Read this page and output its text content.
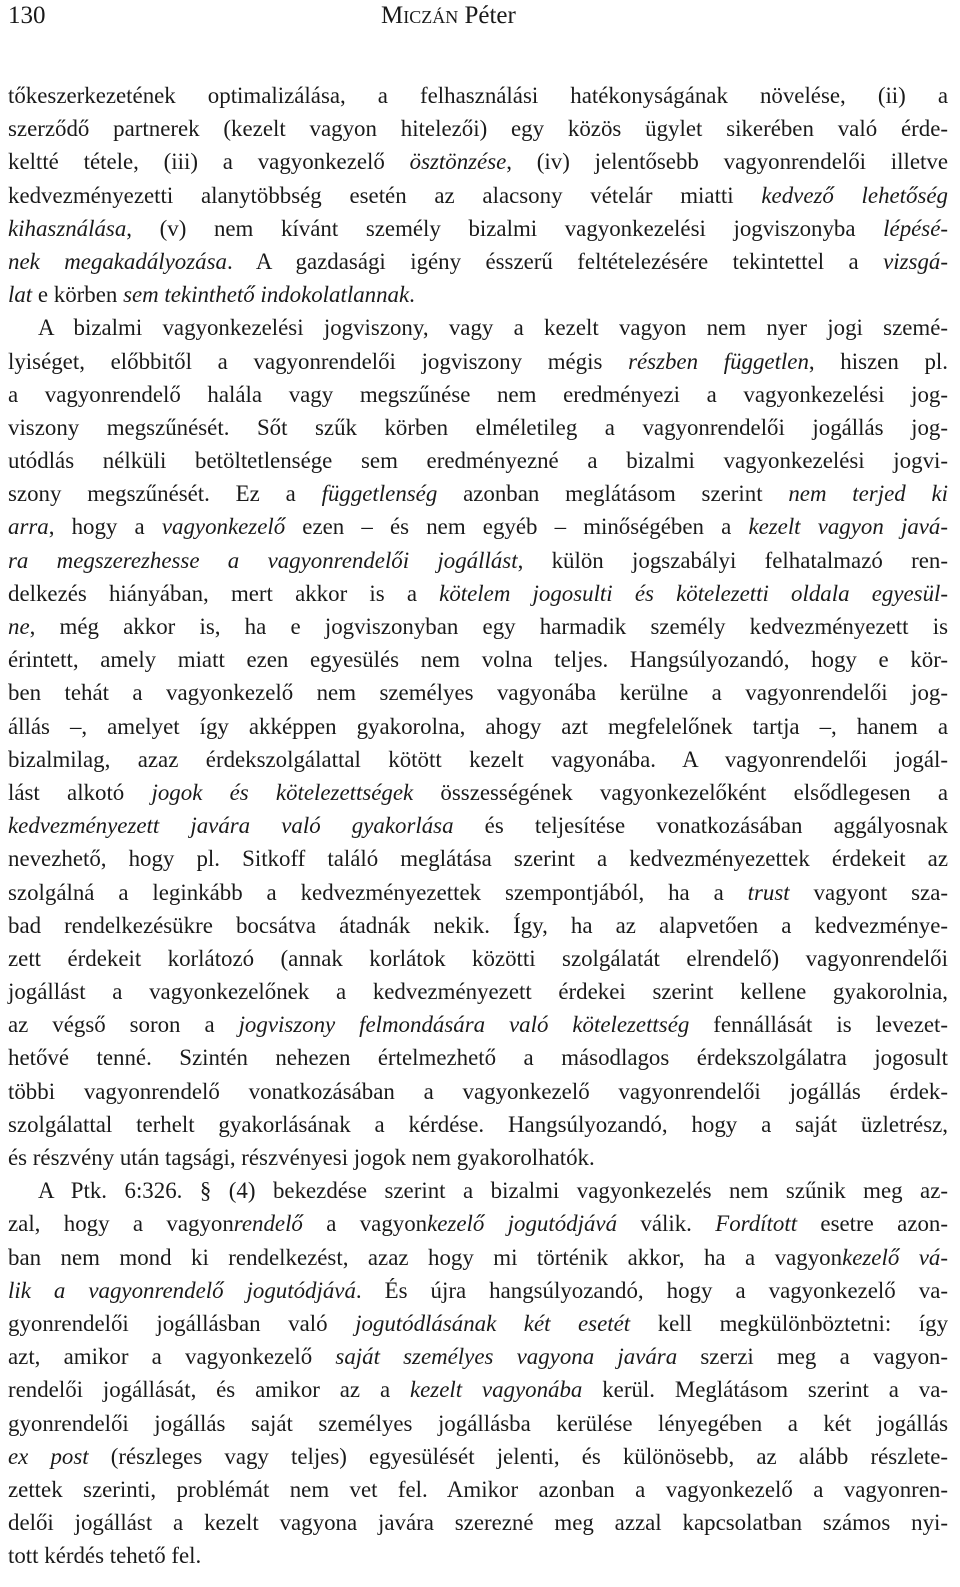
130	Miczán Péter
tőkeszerkezetének optimalizálása, a felhasználási hatékonyságának növelése, (ii) a
szerződő partnerek (kezelt vagyon hitelezői) egy közös ügylet sikerében való érde-
keltté tétele, (iii) a vagyonkezelő ösztönzése, (iv) jelentősebb vagyonrendelői illetve
kedvezményezetti alanytöbbség esetén az alacsony vételár miatti kedvező lehetőség
kihasználása, (v) nem kívánt személy bizalmi vagyonkezelési jogviszonyba lépésé-
nek megakadályozása. A gazdasági igény ésszerű feltételezésére tekintettel a vizsgá-
lat e körben sem tekinthető indokolatlannak.
A bizalmi vagyonkezelési jogviszony, vagy a kezelt vagyon nem nyer jogi szemé-
lyiséget, előbbitől a vagyonrendelői jogviszony mégis részben független, hiszen pl.
a vagyonrendelő halála vagy megszűnése nem eredményezi a vagyonkezelési jog-
viszony megszűnését. Sőt szűk körben elméletileg a vagyonrendelői jogállás jog-
utódlás nélküli betöltetlensége sem eredményezné a bizalmi vagyonkezelési jogvi-
szony megszűnését. Ez a függetlenség azonban meglátásom szerint nem terjed ki
arra, hogy a vagyonkezelő ezen – és nem egyéb – minőségében a kezelt vagyon javá-
ra megszerezhesse a vagyonrendelői jogállást, külön jogszabályi felhatalmazó ren-
delkezés hiányában, mert akkor is a kötelem jogosulti és kötelezetti oldala egyesül-
ne, még akkor is, ha e jogviszonyban egy harmadik személy kedvezményezett is
érintett, amely miatt ezen egyesülés nem volna teljes. Hangsúlyozandó, hogy e kör-
ben tehát a vagyonkezelő nem személyes vagyonába kerülne a vagyonrendelői jog-
állás –, amelyet így akképpen gyakorolna, ahogy azt megfelelőnek tartja –, hanem a
bizalmilag, azaz érdekszolgálattal kötött kezelt vagyonába. A vagyonrendelői jogál-
lást alkotó jogok és kötelezettségek összességének vagyonkezelőként elsődlegesen a
kedvezményezett javára való gyakorlása és teljesítése vonatkozásában aggályosnak
nevezhető, hogy pl. Sitkoff találó meglátása szerint a kedvezményezettek érdekeit az
szolgálná a leginkább a kedvezményezettek szempontjából, ha a trust vagyont sza-
bad rendelkezésükre bocsátva átadnák nekik. Így, ha az alapvetően a kedvezménye-
zett érdekeit korlátozó (annak korlátok közötti szolgálatát elrendelő) vagyonrendelői
jogállást a vagyonkezelőnek a kedvezményezett érdekei szerint kellene gyakorolnia,
az végső soron a jogviszony felmondására való kötelezettség fennállását is levezet-
hetővé tenné. Szintén nehezen értelmezhető a másodlagos érdekszolgálatra jogosult
többi vagyonrendelő vonatkozásában a vagyonkezelő vagyonrendelői jogállás érdek-
szolgálattal terhelt gyakorlásának a kérdése. Hangsúlyozandó, hogy a saját üzletrész,
és részvény után tagsági, részvényesi jogok nem gyakorolhatók.
A Ptk. 6:326. § (4) bekezdése szerint a bizalmi vagyonkezelés nem szűnik meg az-
zal, hogy a vagyonrendelő a vagyonkezelő jogutódjává válik. Fordított esetre azon-
ban nem mond ki rendelkezést, azaz hogy mi történik akkor, ha a vagyonkezelő vá-
lik a vagyonrendelő jogutódjává. És újra hangsúlyozandó, hogy a vagyonkezelő va-
gyonrendelői jogállásban való jogutódlásának két esetét kell megkülönböztetni: így
azt, amikor a vagyonkezelő saját személyes vagyona javára szerzi meg a vagyon-
rendelői jogállását, és amikor az a kezelt vagyonába kerül. Meglátásom szerint a va-
gyonrendelői jogállás saját személyes jogállásba kerülése lényegében a két jogállás
ex post (részleges vagy teljes) egyesülését jelenti, és különösebb, az alább részlete-
zettek szerinti, problémát nem vet fel. Amikor azonban a vagyonkezelő a vagyonren-
delői jogállást a kezelt vagyona javára szerezné meg azzal kapcsolatban számos nyi-
tott kérdés tehető fel.
